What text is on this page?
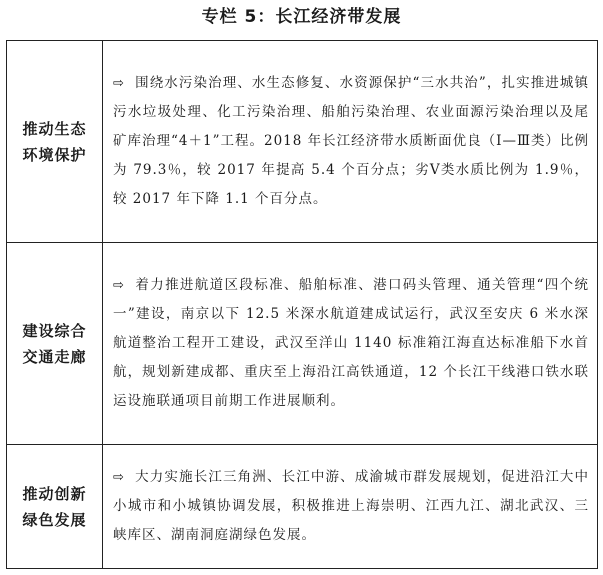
专栏 5：长江经济带发展
推动生态
环境保护	⇨ 围绕水污染治理、水生态修复、水资源保护“三水共治”，扎实推进城镇污水垃圾处理、化工污染治理、船舶污染治理、农业面源污染治理以及尾矿库治理“4＋1”工程。2018 年长江经济带水质断面优良（Ⅰ—Ⅲ类）比例为 79.3％，较 2017 年提高 5.4 个百分点；劣Ⅴ类水质比例为 1.9％，较 2017 年下降 1.1 个百分点。

建设综合
交通走廊	⇨ 着力推进航道区段标准、船舶标准、港口码头管理、通关管理“四个统一”建设，南京以下 12.5 米深水航道建成试运行，武汉至安庆 6 米水深航道整治工程开工建设，武汉至洋山 1140 标准箱江海直达标准船下水首航，规划新建成都、重庆至上海沿江高铁通道，12 个长江干线港口铁水联运设施联通项目前期工作进展顺利。

推动创新
绿色发展	⇨ 大力实施长江三角洲、长江中游、成渝城市群发展规划，促进沿江大中小城市和小城镇协调发展，积极推进上海崇明、江西九江、湖北武汉、三峡库区、湖南洞庭湖绿色发展。
